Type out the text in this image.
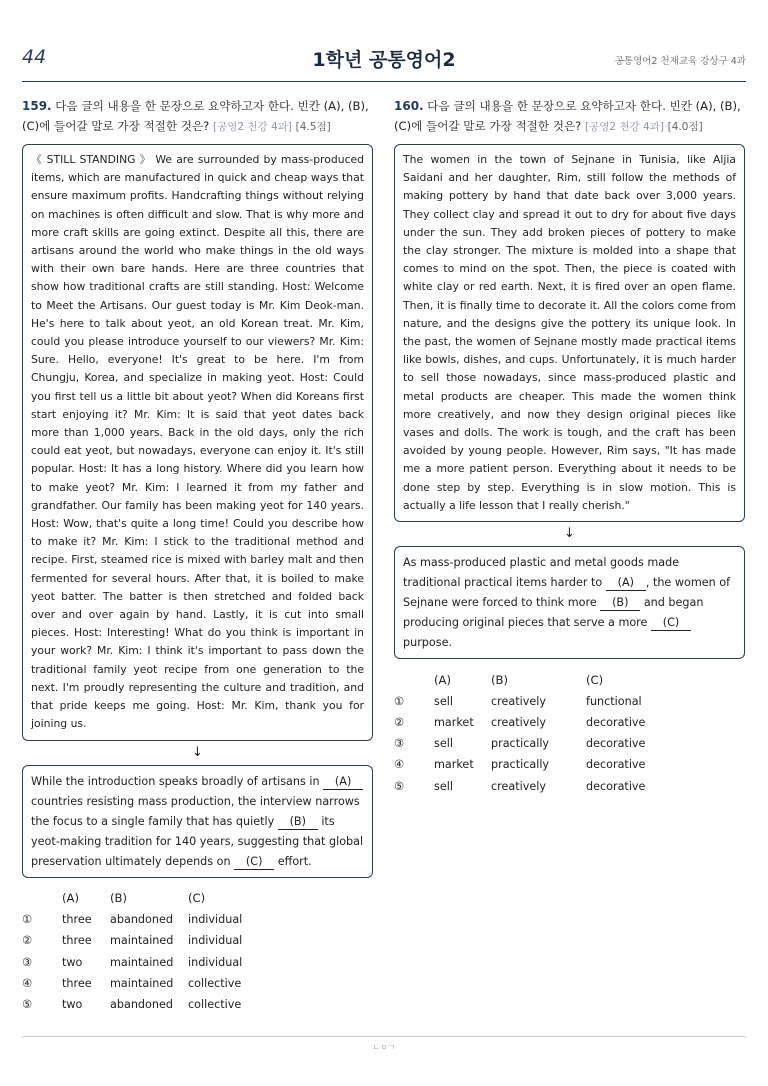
44	1학년 공통영어2	공통영어2 천재교육 강상구 4과
159. 다음 글의 내용을 한 문장으로 요약하고자 한다. 빈칸 (A), (B), (C)에 들어갈 말로 가장 적절한 것은? [공영2 천강 4과] [4.5점]
《 STILL STANDING 》 We are surrounded by mass-produced items, which are manufactured in quick and cheap ways that ensure maximum profits. Handcrafting things without relying on machines is often difficult and slow. That is why more and more craft skills are going extinct. Despite all this, there are artisans around the world who make things in the old ways with their own bare hands. Here are three countries that show how traditional crafts are still standing. Host: Welcome to Meet the Artisans. Our guest today is Mr. Kim Deok-man. He's here to talk about yeot, an old Korean treat. Mr. Kim, could you please introduce yourself to our viewers? Mr. Kim: Sure. Hello, everyone! It's great to be here. I'm from Chungju, Korea, and specialize in making yeot. Host: Could you first tell us a little bit about yeot? When did Koreans first start enjoying it? Mr. Kim: It is said that yeot dates back more than 1,000 years. Back in the old days, only the rich could eat yeot, but nowadays, everyone can enjoy it. It's still popular. Host: It has a long history. Where did you learn how to make yeot? Mr. Kim: I learned it from my father and grandfather. Our family has been making yeot for 140 years. Host: Wow, that's quite a long time! Could you describe how to make it? Mr. Kim: I stick to the traditional method and recipe. First, steamed rice is mixed with barley malt and then fermented for several hours. After that, it is boiled to make yeot batter. The batter is then stretched and folded back over and over again by hand. Lastly, it is cut into small pieces. Host: Interesting! What do you think is important in your work? Mr. Kim: I think it's important to pass down the traditional family yeot recipe from one generation to the next. I'm proudly representing the culture and tradition, and that pride keeps me going. Host: Mr. Kim, thank you for joining us.
↓
While the introduction speaks broadly of artisans in (A) countries resisting mass production, the interview narrows the focus to a single family that has quietly (B) its yeot-making tradition for 140 years, suggesting that global preservation ultimately depends on (C) effort.
	(A)	(B)	(C)
①	three	abandoned	individual
②	three	maintained	individual
③	two	maintained	individual
④	three	maintained	collective
⑤	two	abandoned	collective
160. 다음 글의 내용을 한 문장으로 요약하고자 한다. 빈칸 (A), (B), (C)에 들어갈 말로 가장 적절한 것은? [공영2 천강 4과] [4.0점]
The women in the town of Sejnane in Tunisia, like Aljia Saidani and her daughter, Rim, still follow the methods of making pottery by hand that date back over 3,000 years. They collect clay and spread it out to dry for about five days under the sun. They add broken pieces of pottery to make the clay stronger. The mixture is molded into a shape that comes to mind on the spot. Then, the piece is coated with white clay or red earth. Next, it is fired over an open flame. Then, it is finally time to decorate it. All the colors come from nature, and the designs give the pottery its unique look. In the past, the women of Sejnane mostly made practical items like bowls, dishes, and cups. Unfortunately, it is much harder to sell those nowadays, since mass-produced plastic and metal products are cheaper. This made the women think more creatively, and now they design original pieces like vases and dolls. The work is tough, and the craft has been avoided by young people. However, Rim says, "It has made me a more patient person. Everything about it needs to be done step by step. Everything is in slow motion. This is actually a life lesson that I really cherish."
↓
As mass-produced plastic and metal goods made traditional practical items harder to (A) , the women of Sejnane were forced to think more (B) and began producing original pieces that serve a more (C) purpose.
	(A)	(B)	(C)
①	sell	creatively	functional
②	market	creatively	decorative
③	sell	practically	decorative
④	market	practically	decorative
⑤	sell	creatively	decorative
ㄴㅇㄱ
